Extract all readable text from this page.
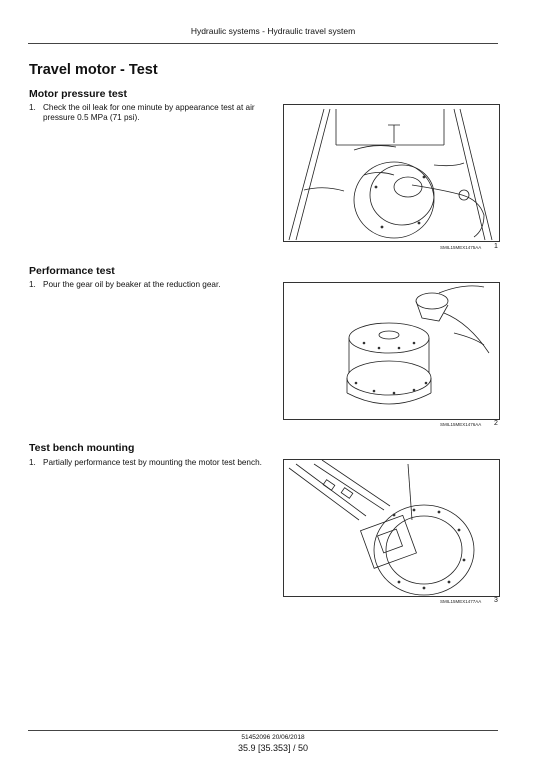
Hydraulic systems - Hydraulic travel system
Travel motor - Test
Motor pressure test
1. Check the oil leak for one minute by appearance test at air pressure 0.5 MPa (71 psi).
SMIL15MEX1475AA 1
Performance test
1. Pour the gear oil by beaker at the reduction gear.
SMIL15MEX1476AA 2
Test bench mounting
1. Partially performance test by mounting the motor test bench.
SMIL15MEX1477AA 3
51452096 20/06/2018
35.9 [35.353] / 50
